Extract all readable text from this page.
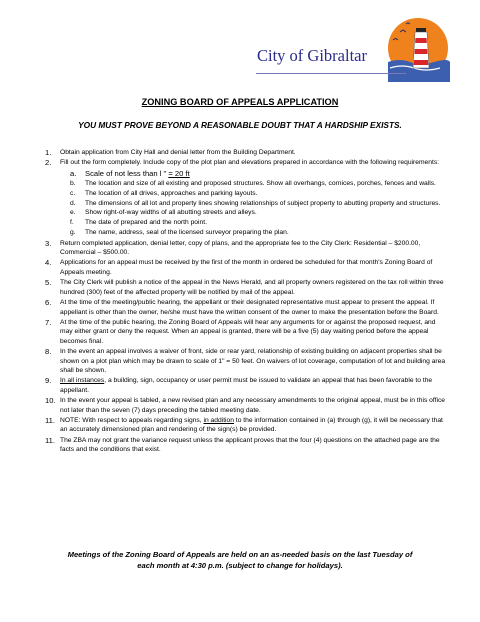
City of Gibraltar
ZONING BOARD OF APPEALS APPLICATION
YOU MUST PROVE BEYOND A REASONABLE DOUBT THAT A HARDSHIP EXISTS.
1.	Obtain application from City Hall and denial letter from the Building Department.
2.	Fill out the form completely. Include copy of the plot plan and elevations prepared in accordance with the following requirements:
a. Scale of not less than l " = 20 ft
b. The location and size of all existing and proposed structures. Show all overhangs, cornices, porches, fences and walls.
c. The location of all drives, approaches and parking layouts.
d. The dimensions of all lot and property lines showing relationships of subject property to abutting property and structures.
e. Show right-of-way widths of all abutting streets and alleys.
f. The date of prepared and the north point.
g. The name, address, seal of the licensed surveyor preparing the plan.
3.	Return completed application, denial letter, copy of plans, and the appropriate fee to the City Clerk: Residential – $200.00, Commercial – $500.00.
4.	Applications for an appeal must be received by the first of the month in ordered be scheduled for that month's Zoning Board of Appeals meeting.
5.	The City Clerk will publish a notice of the appeal in the News Herald, and all property owners registered on the tax roll within three hundred (300) feet of the affected property will be notified by mail of the appeal.
6.	At the time of the meeting/public hearing, the appellant or their designated representative must appear to present the appeal. If appellant is other than the owner, he/she must have the written consent of the owner to make the presentation before the Board.
7.	At the time of the public hearing, the Zoning Board of Appeals will hear any arguments for or against the proposed request, and may either grant or deny the request. When an appeal is granted, there will be a five (5) day waiting period before the appeal becomes final.
8.	In the event an appeal involves a waiver of front, side or rear yard, relationship of existing building on adjacent properties shall be shown on a plot plan which may be drawn to scale of 1" = 50 feet. On waivers of lot coverage, computation of lot and building area shall be shown.
9.	In all instances, a building, sign, occupancy or user permit must be issued to validate an appeal that has been favorable to the appellant.
10. In the event your appeal is tabled, a new revised plan and any necessary amendments to the original appeal, must be in this office not later than the seven (7) days preceding the tabled meeting date.
11. NOTE: With respect to appeals regarding signs, in addition to the information contained in (a) through (g), it will be necessary that an accurately dimensioned plan and rendering of the sign(s) be provided.
11. The ZBA may not grant the variance request unless the applicant proves that the four (4) questions on the attached page are the facts and the conditions that exist.
Meetings of the Zoning Board of Appeals are held on an as-needed basis on the last Tuesday of
each month at 4:30 p.m. (subject to change for holidays).
